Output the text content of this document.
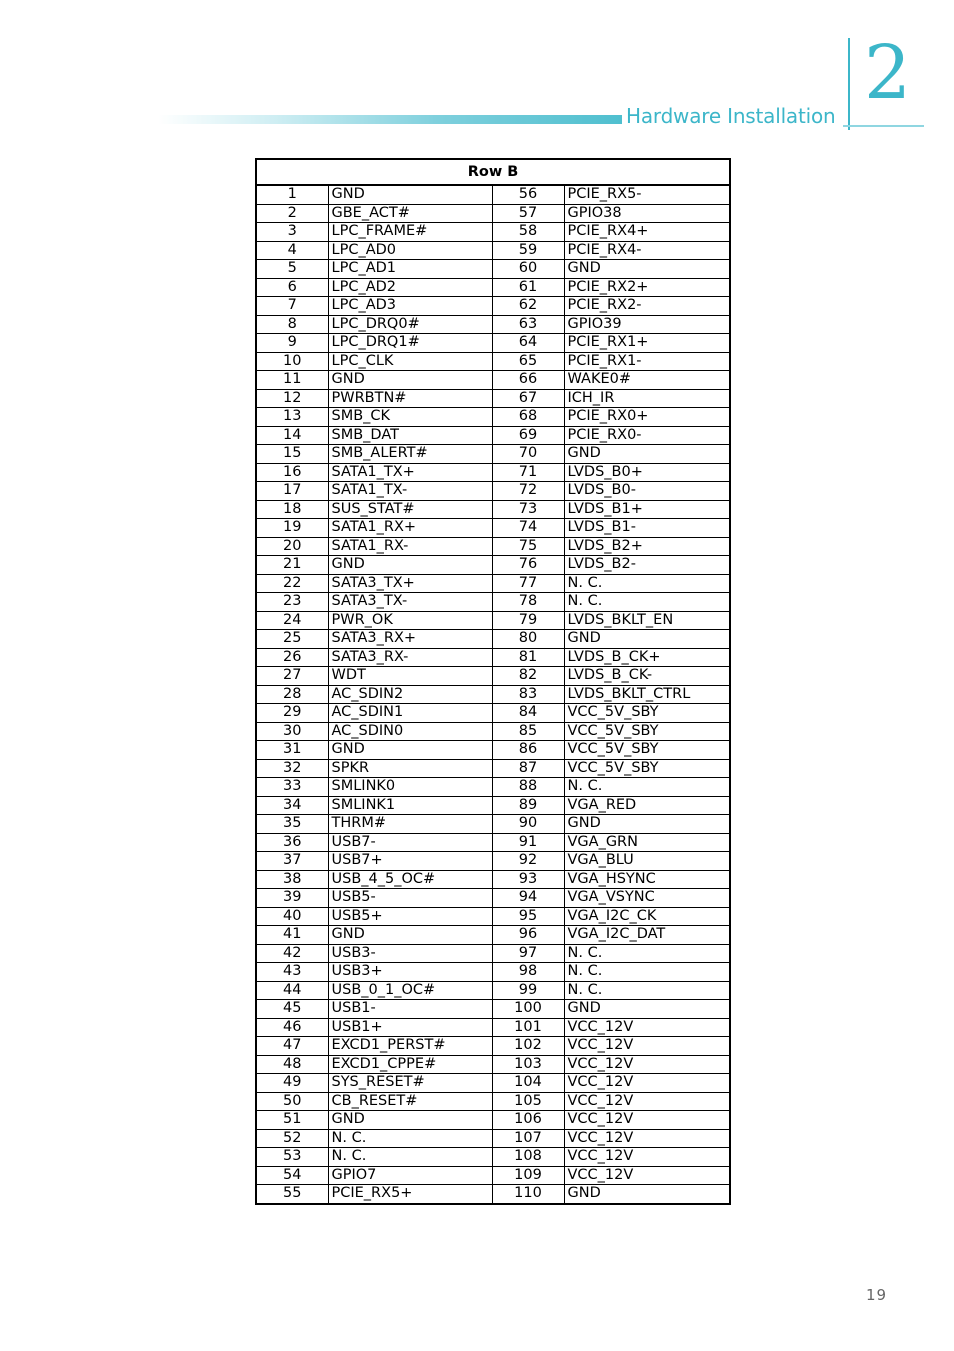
Hardware Installation 2
Row B			
1	GND	56	PCIE_RX5-
2	GBE_ACT#	57	GPIO38
3	LPC_FRAME#	58	PCIE_RX4+
4	LPC_AD0	59	PCIE_RX4-
5	LPC_AD1	60	GND
6	LPC_AD2	61	PCIE_RX2+
7	LPC_AD3	62	PCIE_RX2-
8	LPC_DRQ0#	63	GPIO39
9	LPC_DRQ1#	64	PCIE_RX1+
10	LPC_CLK	65	PCIE_RX1-
11	GND	66	WAKE0#
12	PWRBTN#	67	ICH_IR
13	SMB_CK	68	PCIE_RX0+
14	SMB_DAT	69	PCIE_RX0-
15	SMB_ALERT#	70	GND
16	SATA1_TX+	71	LVDS_B0+
17	SATA1_TX-	72	LVDS_B0-
18	SUS_STAT#	73	LVDS_B1+
19	SATA1_RX+	74	LVDS_B1-
20	SATA1_RX-	75	LVDS_B2+
21	GND	76	LVDS_B2-
22	SATA3_TX+	77	N. C.
23	SATA3_TX-	78	N. C.
24	PWR_OK	79	LVDS_BKLT_EN
25	SATA3_RX+	80	GND
26	SATA3_RX-	81	LVDS_B_CK+
27	WDT	82	LVDS_B_CK-
28	AC_SDIN2	83	LVDS_BKLT_CTRL
29	AC_SDIN1	84	VCC_5V_SBY
30	AC_SDIN0	85	VCC_5V_SBY
31	GND	86	VCC_5V_SBY
32	SPKR	87	VCC_5V_SBY
33	SMLINK0	88	N. C.
34	SMLINK1	89	VGA_RED
35	THRM#	90	GND
36	USB7-	91	VGA_GRN
37	USB7+	92	VGA_BLU
38	USB_4_5_OC#	93	VGA_HSYNC
39	USB5-	94	VGA_VSYNC
40	USB5+	95	VGA_I2C_CK
41	GND	96	VGA_I2C_DAT
42	USB3-	97	N. C.
43	USB3+	98	N. C.
44	USB_0_1_OC#	99	N. C.
45	USB1-	100	GND
46	USB1+	101	VCC_12V
47	EXCD1_PERST#	102	VCC_12V
48	EXCD1_CPPE#	103	VCC_12V
49	SYS_RESET#	104	VCC_12V
50	CB_RESET#	105	VCC_12V
51	GND	106	VCC_12V
52	N. C.	107	VCC_12V
53	N. C.	108	VCC_12V
54	GPIO7	109	VCC_12V
55	PCIE_RX5+	110	GND
19
